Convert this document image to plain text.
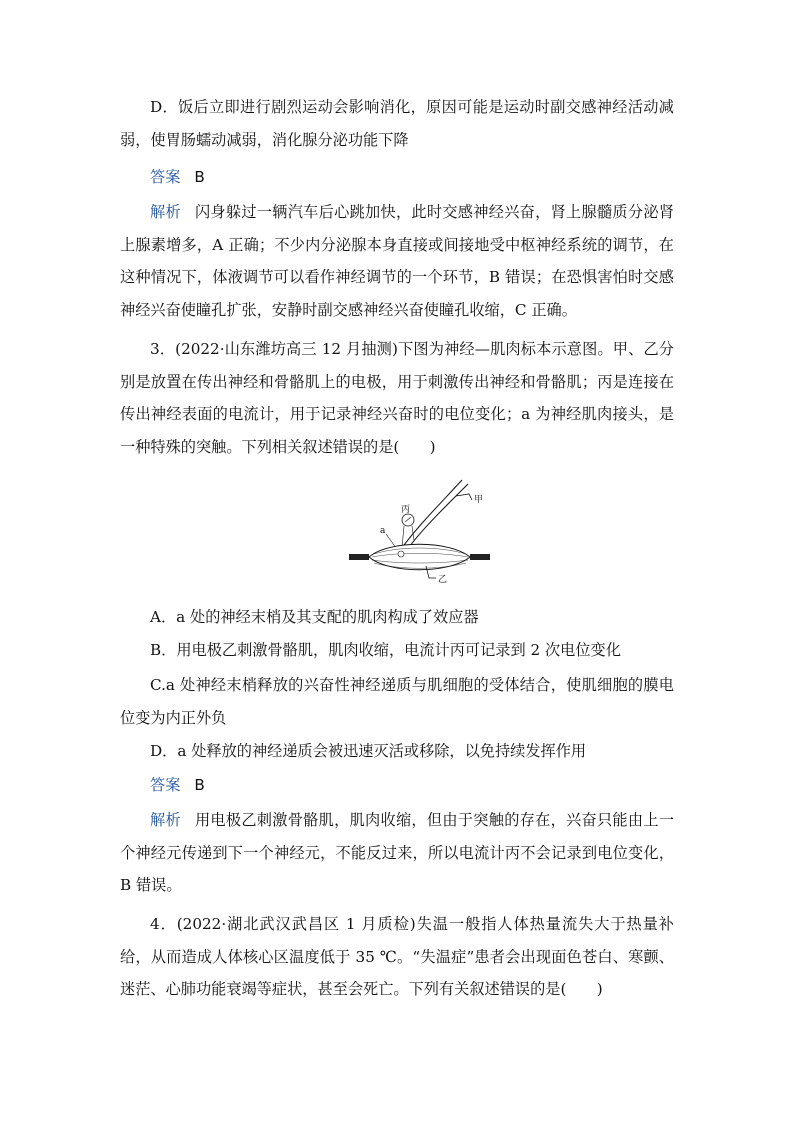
D．饭后立即进行剧烈运动会影响消化，原因可能是运动时副交感神经活动减弱，使胃肠蠕动减弱，消化腺分泌功能下降

答案 B

解析 闪身躲过一辆汽车后心跳加快，此时交感神经兴奋，肾上腺髓质分泌肾上腺素增多，A 正确；不少内分泌腺本身直接或间接地受中枢神经系统的调节，在这种情况下，体液调节可以看作神经调节的一个环节，B 错误；在恐惧害怕时交感神经兴奋使瞳孔扩张，安静时副交感神经兴奋使瞳孔收缩，C 正确。

3．(2022·山东潍坊高三 12 月抽测)下图为神经—肌肉标本示意图。甲、乙分别是放置在传出神经和骨骼肌上的电极，用于刺激传出神经和骨骼肌；丙是连接在传出神经表面的电流计，用于记录神经兴奋时的电位变化；a 为神经肌肉接头，是一种特殊的突触。下列相关叙述错误的是(　　)

甲
丙
a
乙

A．a 处的神经末梢及其支配的肌肉构成了效应器

B．用电极乙刺激骨骼肌，肌肉收缩，电流计丙可记录到 2 次电位变化

C.a 处神经末梢释放的兴奋性神经递质与肌细胞的受体结合，使肌细胞的膜电位变为内正外负

D．a 处释放的神经递质会被迅速灭活或移除，以免持续发挥作用

答案 B

解析 用电极乙刺激骨骼肌，肌肉收缩，但由于突触的存在，兴奋只能由上一个神经元传递到下一个神经元，不能反过来，所以电流计丙不会记录到电位变化，B 错误。

4．(2022·湖北武汉武昌区 1 月质检)失温一般指人体热量流失大于热量补给，从而造成人体核心区温度低于 35 ℃。“失温症”患者会出现面色苍白、寒颤、迷茫、心肺功能衰竭等症状，甚至会死亡。下列有关叙述错误的是(　　)
